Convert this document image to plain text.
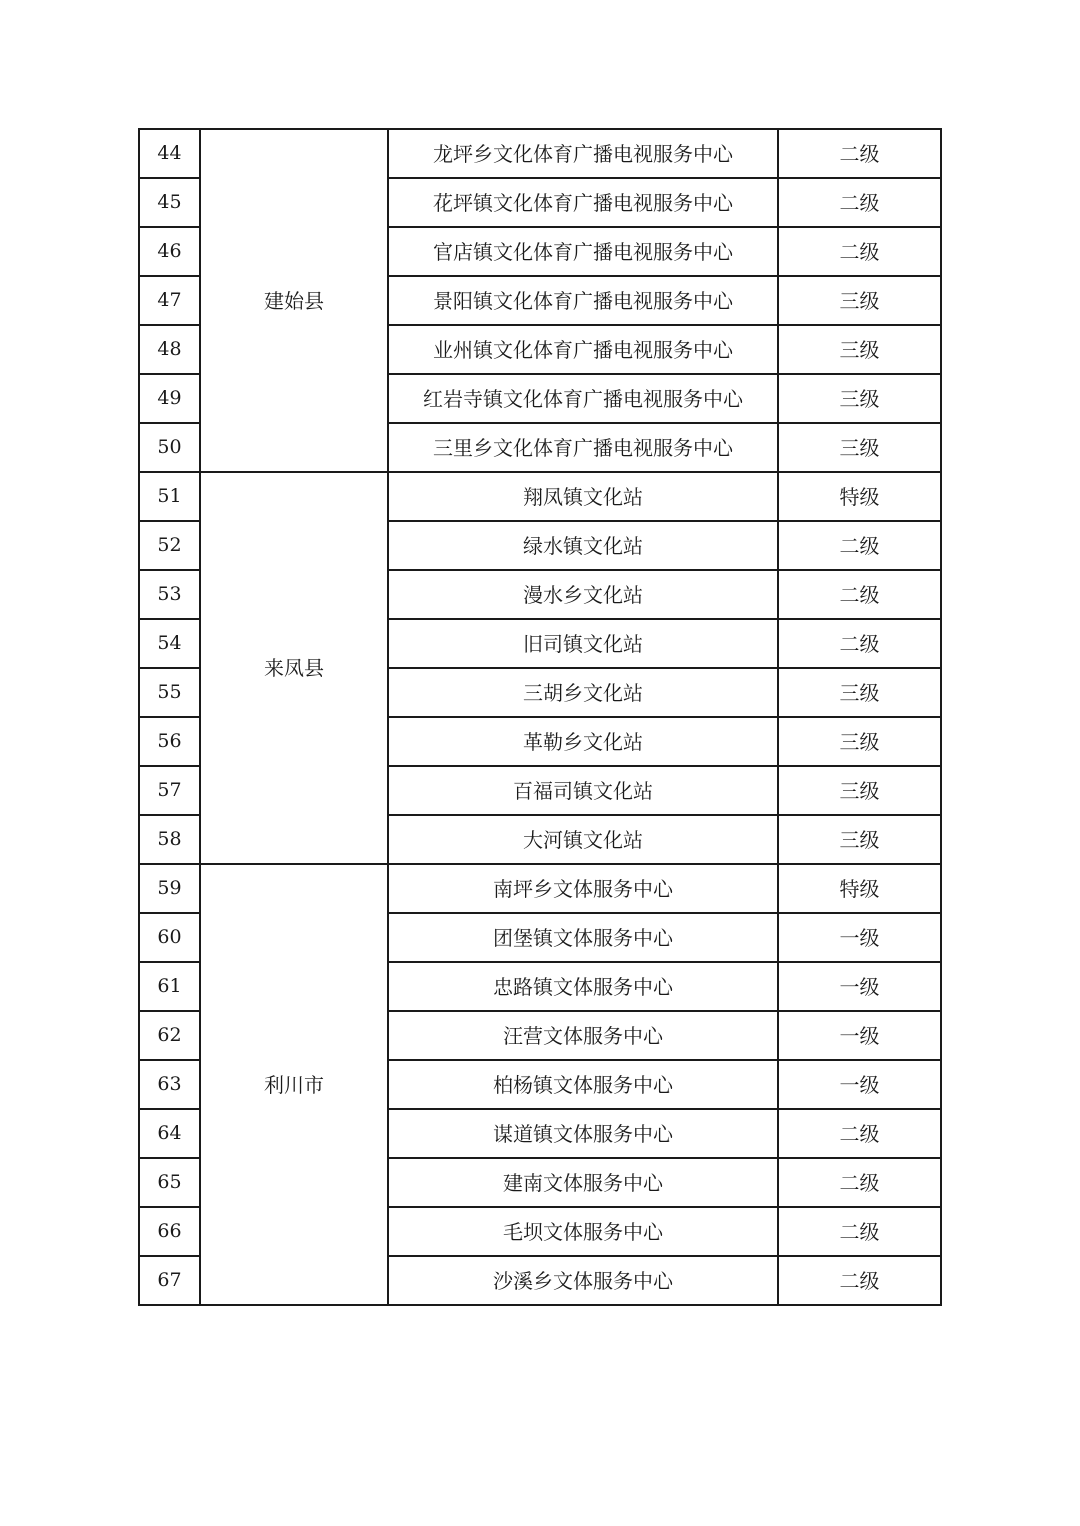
44	建始县	龙坪乡文化体育广播电视服务中心	二级
45		花坪镇文化体育广播电视服务中心	二级
46		官店镇文化体育广播电视服务中心	二级
47		景阳镇文化体育广播电视服务中心	三级
48		业州镇文化体育广播电视服务中心	三级
49		红岩寺镇文化体育广播电视服务中心	三级
50		三里乡文化体育广播电视服务中心	三级
51	来凤县	翔凤镇文化站	特级
52		绿水镇文化站	二级
53		漫水乡文化站	二级
54		旧司镇文化站	二级
55		三胡乡文化站	三级
56		革勒乡文化站	三级
57		百福司镇文化站	三级
58		大河镇文化站	三级
59	利川市	南坪乡文体服务中心	特级
60		团堡镇文体服务中心	一级
61		忠路镇文体服务中心	一级
62		汪营文体服务中心	一级
63		柏杨镇文体服务中心	一级
64		谋道镇文体服务中心	二级
65		建南文体服务中心	二级
66		毛坝文体服务中心	二级
67		沙溪乡文体服务中心	二级
